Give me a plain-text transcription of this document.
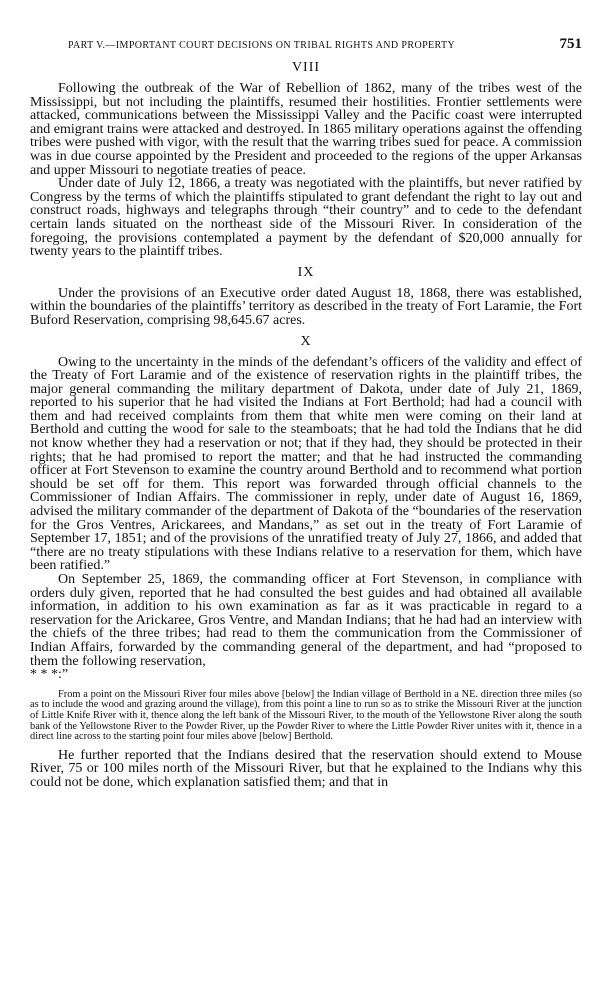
PART V.—IMPORTANT COURT DECISIONS ON TRIBAL RIGHTS AND PROPERTY	751
VIII

Following the outbreak of the War of Rebellion of 1862, many of the tribes west of the Mississippi, but not including the plaintiffs, resumed their hostilities. Frontier settlements were attacked, communications between the Mississippi Valley and the Pacific coast were interrupted and emigrant trains were attacked and destroyed. In 1865 military operations against the offending tribes were pushed with vigor, with the result that the warring tribes sued for peace. A commission was in due course appointed by the President and proceeded to the regions of the upper Arkansas and upper Missouri to negotiate treaties of peace.

Under date of July 12, 1866, a treaty was negotiated with the plaintiffs, but never ratified by Congress by the terms of which the plaintiffs stipulated to grant defendant the right to lay out and construct roads, highways and telegraphs through “their country” and to cede to the defendant certain lands situated on the northeast side of the Missouri River. In consideration of the foregoing, the provisions contemplated a payment by the defendant of $20,000 annually for twenty years to the plaintiff tribes.

IX

Under the provisions of an Executive order dated August 18, 1868, there was established, within the boundaries of the plaintiffs’ territory as described in the treaty of Fort Laramie, the Fort Buford Reservation, comprising 98,645.67 acres.

X

Owing to the uncertainty in the minds of the defendant’s officers of the validity and effect of the Treaty of Fort Laramie and of the existence of reservation rights in the plaintiff tribes, the major general commanding the military department of Dakota, under date of July 21, 1869, reported to his superior that he had visited the Indians at Fort Berthold; had had a council with them and had received complaints from them that white men were coming on their land at Berthold and cutting the wood for sale to the steamboats; that he had told the Indians that he did not know whether they had a reservation or not; that if they had, they should be protected in their rights; that he had promised to report the matter; and that he had instructed the commanding officer at Fort Stevenson to examine the country around Berthold and to recommend what portion should be set off for them. This report was forwarded through official channels to the Commissioner of Indian Affairs. The commissioner in reply, under date of August 16, 1869, advised the military commander of the department of Dakota of the “boundaries of the reservation for the Gros Ventres, Arickarees, and Mandans,” as set out in the treaty of Fort Laramie of September 17, 1851; and of the provisions of the unratified treaty of July 27, 1866, and added that “there are no treaty stipulations with these Indians relative to a reservation for them, which have been ratified.”

On September 25, 1869, the commanding officer at Fort Stevenson, in compliance with orders duly given, reported that he had consulted the best guides and had obtained all available information, in addition to his own examination as far as it was practicable in regard to a reservation for the Arickaree, Gros Ventre, and Mandan Indians; that he had had an interview with the chiefs of the three tribes; had read to them the communication from the Commissioner of Indian Affairs, forwarded by the commanding general of the department, and had “proposed to them the following reservation,

* * *:”

From a point on the Missouri River four miles above [below] the Indian village of Berthold in a NE. direction three miles (so as to include the wood and grazing around the village), from this point a line to run so as to strike the Missouri River at the junction of Little Knife River with it, thence along the left bank of the Missouri River, to the mouth of the Yellowstone River along the south bank of the Yellowstone River to the Powder River, up the Powder River to where the Little Powder River unites with it, thence in a direct line across to the starting point four miles above [below] Berthold.

He further reported that the Indians desired that the reservation should extend to Mouse River, 75 or 100 miles north of the Missouri River, but that he explained to the Indians why this could not be done, which explanation satisfied them; and that in
